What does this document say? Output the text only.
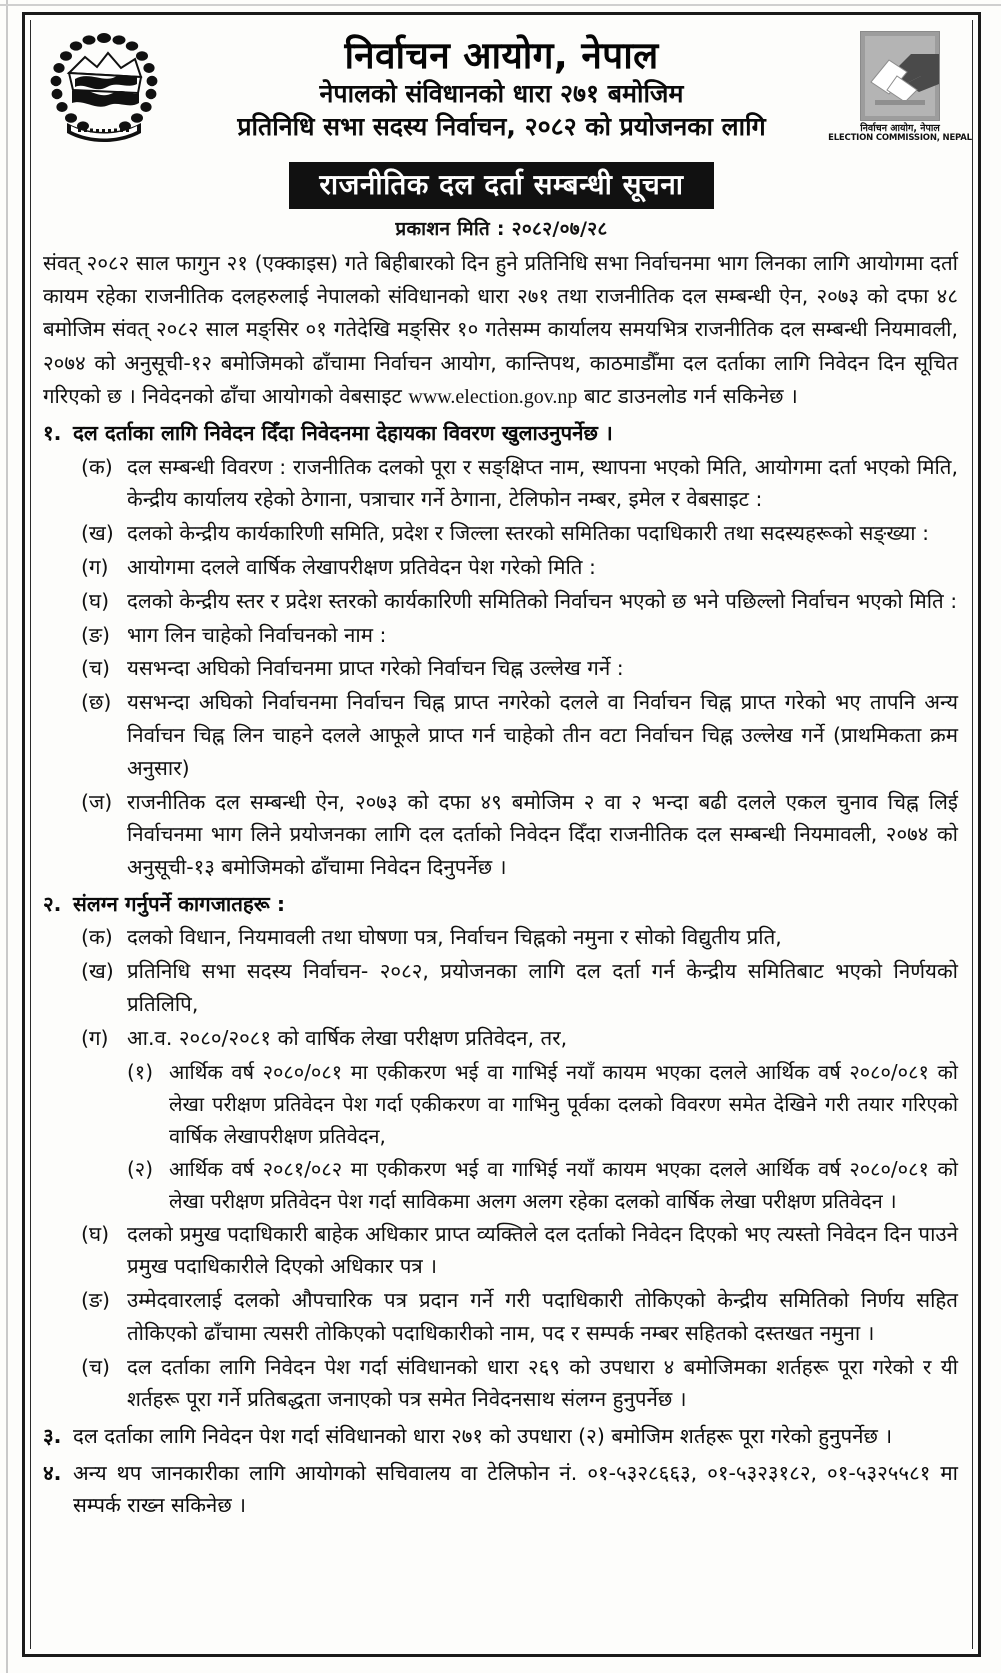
निर्वाचन आयोग, नेपाल
नेपालको संविधानको धारा २७१ बमोजिम
प्रतिनिधि सभा सदस्य निर्वाचन, २०८२ को प्रयोजनका लागि	निर्वाचन आयोग, नेपाल
ELECTION COMMISSION, NEPAL
राजनीतिक दल दर्ता सम्बन्धी सूचना
प्रकाशन मिति : २०८२/०७/२८

संवत् २०८२ साल फागुन २१ (एक्काइस) गते बिहीबारको दिन हुने प्रतिनिधि सभा निर्वाचनमा भाग लिनका लागि आयोगमा दर्ता कायम रहेका राजनीतिक दलहरुलाई नेपालको संविधानको धारा २७१ तथा राजनीतिक दल सम्बन्धी ऐन, २०७३ को दफा ४८ बमोजिम संवत् २०८२ साल मङ्सिर ०१ गतेदेखि मङ्सिर १० गतेसम्म कार्यालय समयभित्र राजनीतिक दल सम्बन्धी नियमावली, २०७४ को अनुसूची-१२ बमोजिमको ढाँचामा निर्वाचन आयोग, कान्तिपथ, काठमाडौँमा दल दर्ताका लागि निवेदन दिन सूचित गरिएको छ । निवेदनको ढाँचा आयोगको वेबसाइट www.election.gov.np बाट डाउनलोड गर्न सकिनेछ ।

१. दल दर्ताका लागि निवेदन दिँदा निवेदनमा देहायका विवरण खुलाउनुपर्नेछ ।
(क) दल सम्बन्धी विवरण : राजनीतिक दलको पूरा र सङ्क्षिप्त नाम, स्थापना भएको मिति, आयोगमा दर्ता भएको मिति, केन्द्रीय कार्यालय रहेको ठेगाना, पत्राचार गर्ने ठेगाना, टेलिफोन नम्बर, इमेल र वेबसाइट :
(ख) दलको केन्द्रीय कार्यकारिणी समिति, प्रदेश र जिल्ला स्तरको समितिका पदाधिकारी तथा सदस्यहरूको सङ्ख्या :
(ग) आयोगमा दलले वार्षिक लेखापरीक्षण प्रतिवेदन पेश गरेको मिति :
(घ) दलको केन्द्रीय स्तर र प्रदेश स्तरको कार्यकारिणी समितिको निर्वाचन भएको छ भने पछिल्लो निर्वाचन भएको मिति :
(ङ) भाग लिन चाहेको निर्वाचनको नाम :
(च) यसभन्दा अघिको निर्वाचनमा प्राप्त गरेको निर्वाचन चिह्न उल्लेख गर्ने :
(छ) यसभन्दा अघिको निर्वाचनमा निर्वाचन चिह्न प्राप्त नगरेको दलले वा निर्वाचन चिह्न प्राप्त गरेको भए तापनि अन्य निर्वाचन चिह्न लिन चाहने दलले आफूले प्राप्त गर्न चाहेको तीन वटा निर्वाचन चिह्न उल्लेख गर्ने (प्राथमिकता क्रम अनुसार)
(ज) राजनीतिक दल सम्बन्धी ऐन, २०७३ को दफा ४९ बमोजिम २ वा २ भन्दा बढी दलले एकल चुनाव चिह्न लिई निर्वाचनमा भाग लिने प्रयोजनका लागि दल दर्ताको निवेदन दिँदा राजनीतिक दल सम्बन्धी नियमावली, २०७४ को अनुसूची-१३ बमोजिमको ढाँचामा निवेदन दिनुपर्नेछ ।
२. संलग्न गर्नुपर्ने कागजातहरू :
(क) दलको विधान, नियमावली तथा घोषणा पत्र, निर्वाचन चिह्नको नमुना र सोको विद्युतीय प्रति,
(ख) प्रतिनिधि सभा सदस्य निर्वाचन- २०८२, प्रयोजनका लागि दल दर्ता गर्न केन्द्रीय समितिबाट भएको निर्णयको प्रतिलिपि,
(ग) आ.व. २०८०/२०८१ को वार्षिक लेखा परीक्षण प्रतिवेदन, तर,
(१) आर्थिक वर्ष २०८०/०८१ मा एकीकरण भई वा गाभिई नयाँ कायम भएका दलले आर्थिक वर्ष २०८०/०८१ को लेखा परीक्षण प्रतिवेदन पेश गर्दा एकीकरण वा गाभिनु पूर्वका दलको विवरण समेत देखिने गरी तयार गरिएको वार्षिक लेखापरीक्षण प्रतिवेदन,
(२) आर्थिक वर्ष २०८१/०८२ मा एकीकरण भई वा गाभिई नयाँ कायम भएका दलले आर्थिक वर्ष २०८०/०८१ को लेखा परीक्षण प्रतिवेदन पेश गर्दा साविकमा अलग अलग रहेका दलको वार्षिक लेखा परीक्षण प्रतिवेदन ।
(घ) दलको प्रमुख पदाधिकारी बाहेक अधिकार प्राप्त व्यक्तिले दल दर्ताको निवेदन दिएको भए त्यस्तो निवेदन दिन पाउने प्रमुख पदाधिकारीले दिएको अधिकार पत्र ।
(ङ) उम्मेदवारलाई दलको औपचारिक पत्र प्रदान गर्ने गरी पदाधिकारी तोकिएको केन्द्रीय समितिको निर्णय सहित तोकिएको ढाँचामा त्यसरी तोकिएको पदाधिकारीको नाम, पद र सम्पर्क नम्बर सहितको दस्तखत नमुना ।
(च) दल दर्ताका लागि निवेदन पेश गर्दा संविधानको धारा २६९ को उपधारा ४ बमोजिमका शर्तहरू पूरा गरेको र यी शर्तहरू पूरा गर्ने प्रतिबद्धता जनाएको पत्र समेत निवेदनसाथ संलग्न हुनुपर्नेछ ।
३. दल दर्ताका लागि निवेदन पेश गर्दा संविधानको धारा २७१ को उपधारा (२) बमोजिम शर्तहरू पूरा गरेको हुनुपर्नेछ ।
४. अन्य थप जानकारीका लागि आयोगको सचिवालय वा टेलिफोन नं. ०१-५३२८६६३, ०१-५३२३१८२, ०१-५३२५५८१ मा सम्पर्क राख्न सकिनेछ ।
